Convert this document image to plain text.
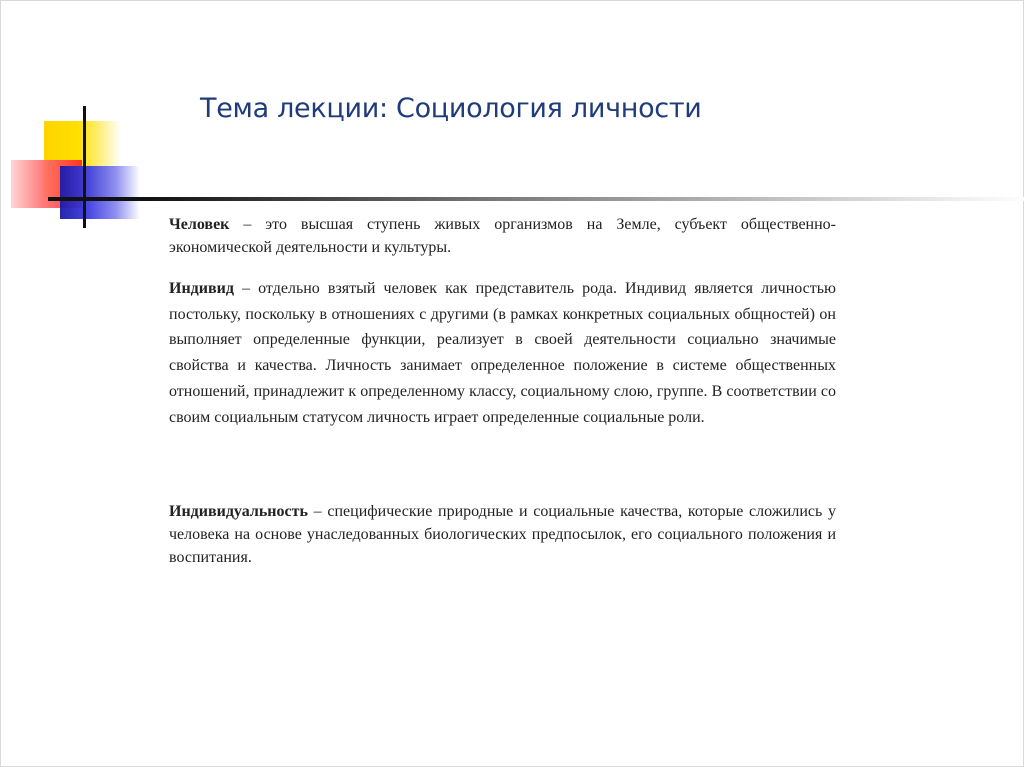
Тема лекции: Социология личности

Человек – это высшая ступень живых организмов на Земле, субъект общественно-экономической деятельности и культуры.

Индивид – отдельно взятый человек как представитель рода. Индивид является личностью постольку, поскольку в отношениях с другими (в рамках конкретных социальных общностей) он выполняет определенные функции, реализует в своей деятельности социально значимые свойства и качества. Личность занимает определенное положение в системе общественных отношений, принадлежит к определенному классу, социальному слою, группе. В соответствии со своим социальным статусом личность играет определенные социальные роли.

Индивидуальность – специфические природные и социальные качества, которые сложились у человека на основе унаследованных биологических предпосылок, его социального положения и воспитания.
